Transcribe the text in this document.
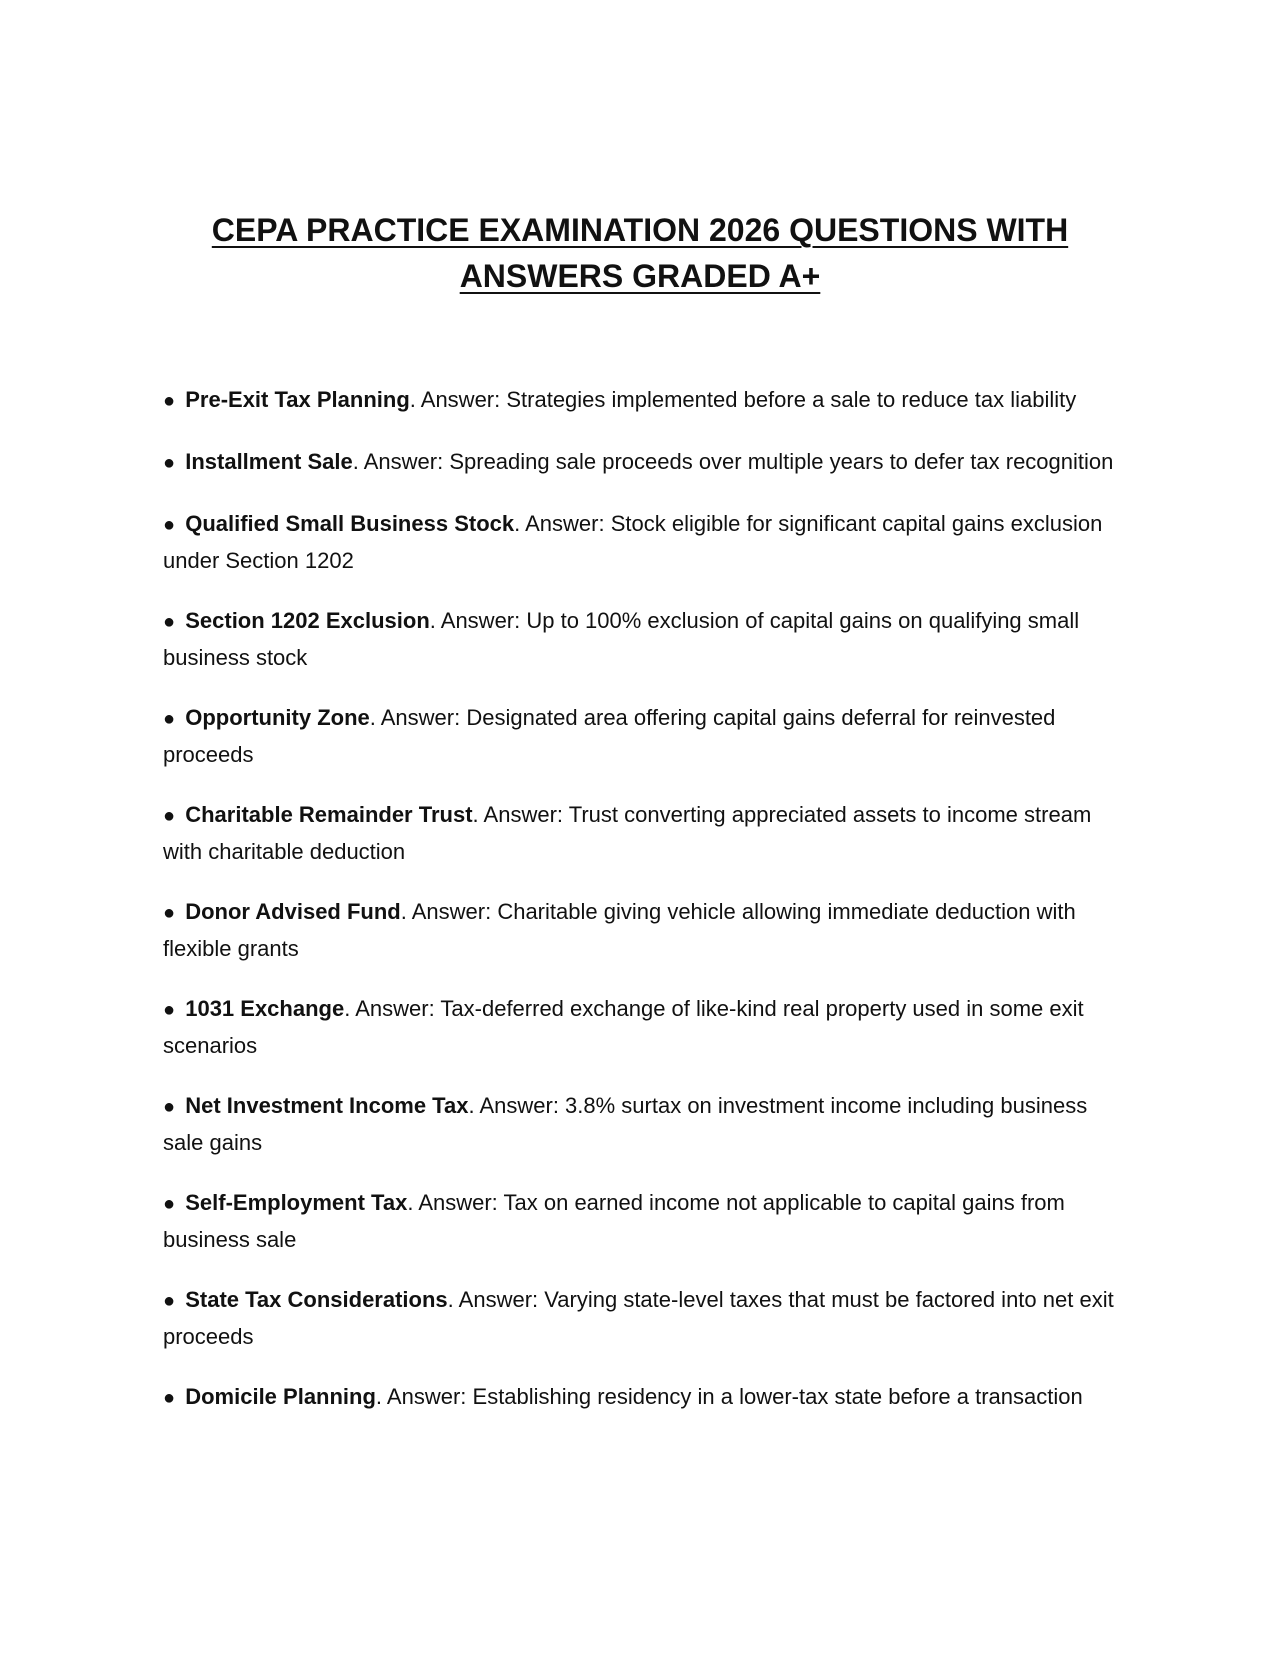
CEPA PRACTICE EXAMINATION 2026 QUESTIONS WITH
ANSWERS GRADED A+
● Pre-Exit Tax Planning. Answer: Strategies implemented before a sale to reduce tax liability
● Installment Sale. Answer: Spreading sale proceeds over multiple years to defer tax recognition
● Qualified Small Business Stock. Answer: Stock eligible for significant capital gains exclusion under Section 1202
● Section 1202 Exclusion. Answer: Up to 100% exclusion of capital gains on qualifying small business stock
● Opportunity Zone. Answer: Designated area offering capital gains deferral for reinvested proceeds
● Charitable Remainder Trust. Answer: Trust converting appreciated assets to income stream with charitable deduction
● Donor Advised Fund. Answer: Charitable giving vehicle allowing immediate deduction with flexible grants
● 1031 Exchange. Answer: Tax-deferred exchange of like-kind real property used in some exit scenarios
● Net Investment Income Tax. Answer: 3.8% surtax on investment income including business sale gains
● Self-Employment Tax. Answer: Tax on earned income not applicable to capital gains from business sale
● State Tax Considerations. Answer: Varying state-level taxes that must be factored into net exit proceeds
● Domicile Planning. Answer: Establishing residency in a lower-tax state before a transaction
